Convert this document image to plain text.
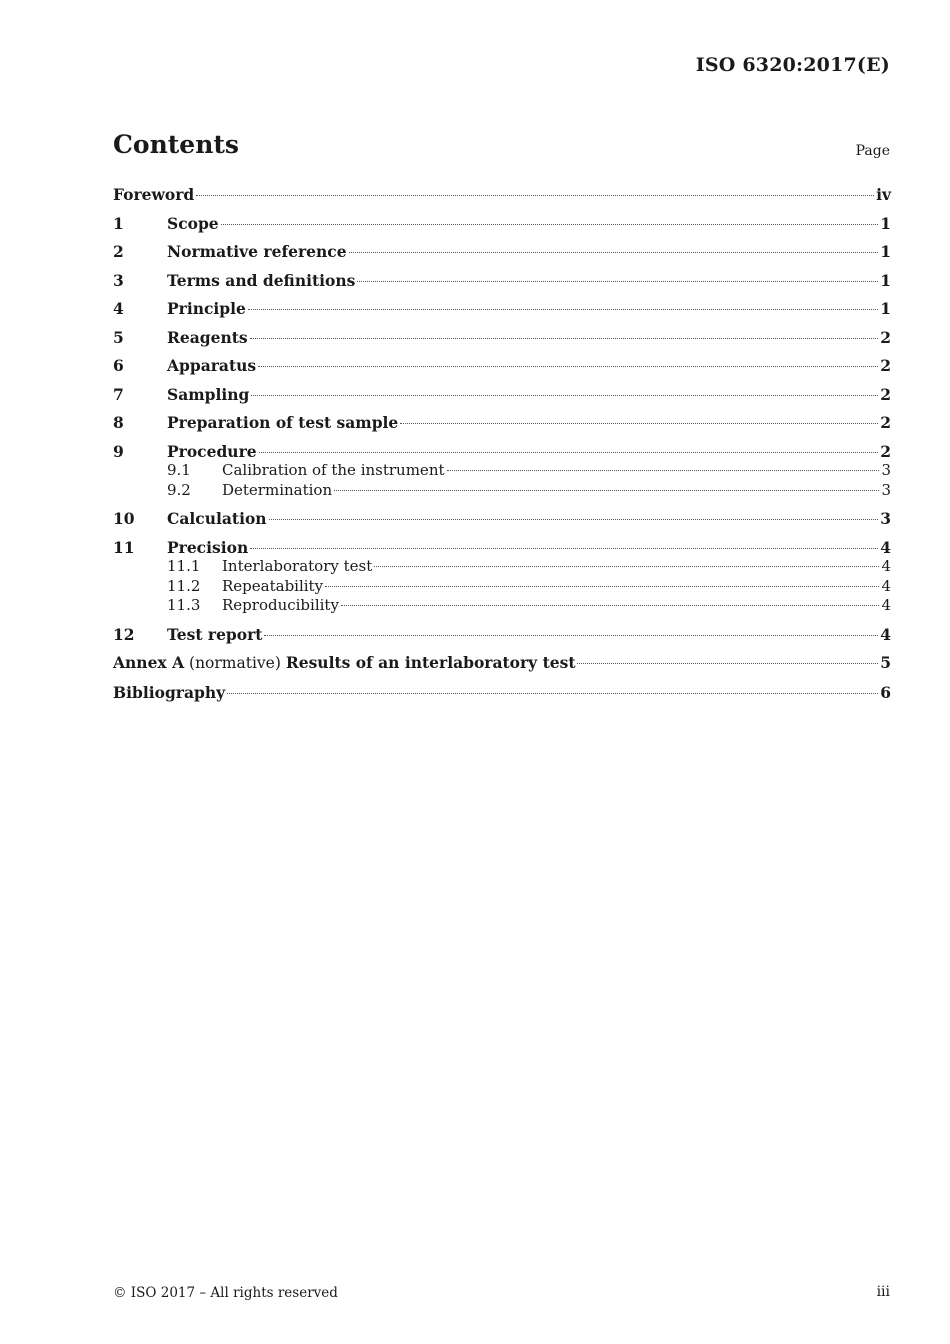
ISO 6320:2017(E)
Contents	Page
Foreword	iv
1	Scope	1
2	Normative reference	1
3	Terms and definitions	1
4	Principle	1
5	Reagents	2
6	Apparatus	2
7	Sampling	2
8	Preparation of test sample	2
9	Procedure	2
9.1	Calibration of the instrument	3
9.2	Determination	3
10	Calculation	3
11	Precision	4
11.1	Interlaboratory test	4
11.2	Repeatability	4
11.3	Reproducibility	4
12	Test report	4
Annex A (normative) Results of an interlaboratory test	5
Bibliography	6
© ISO 2017 – All rights reserved	iii
